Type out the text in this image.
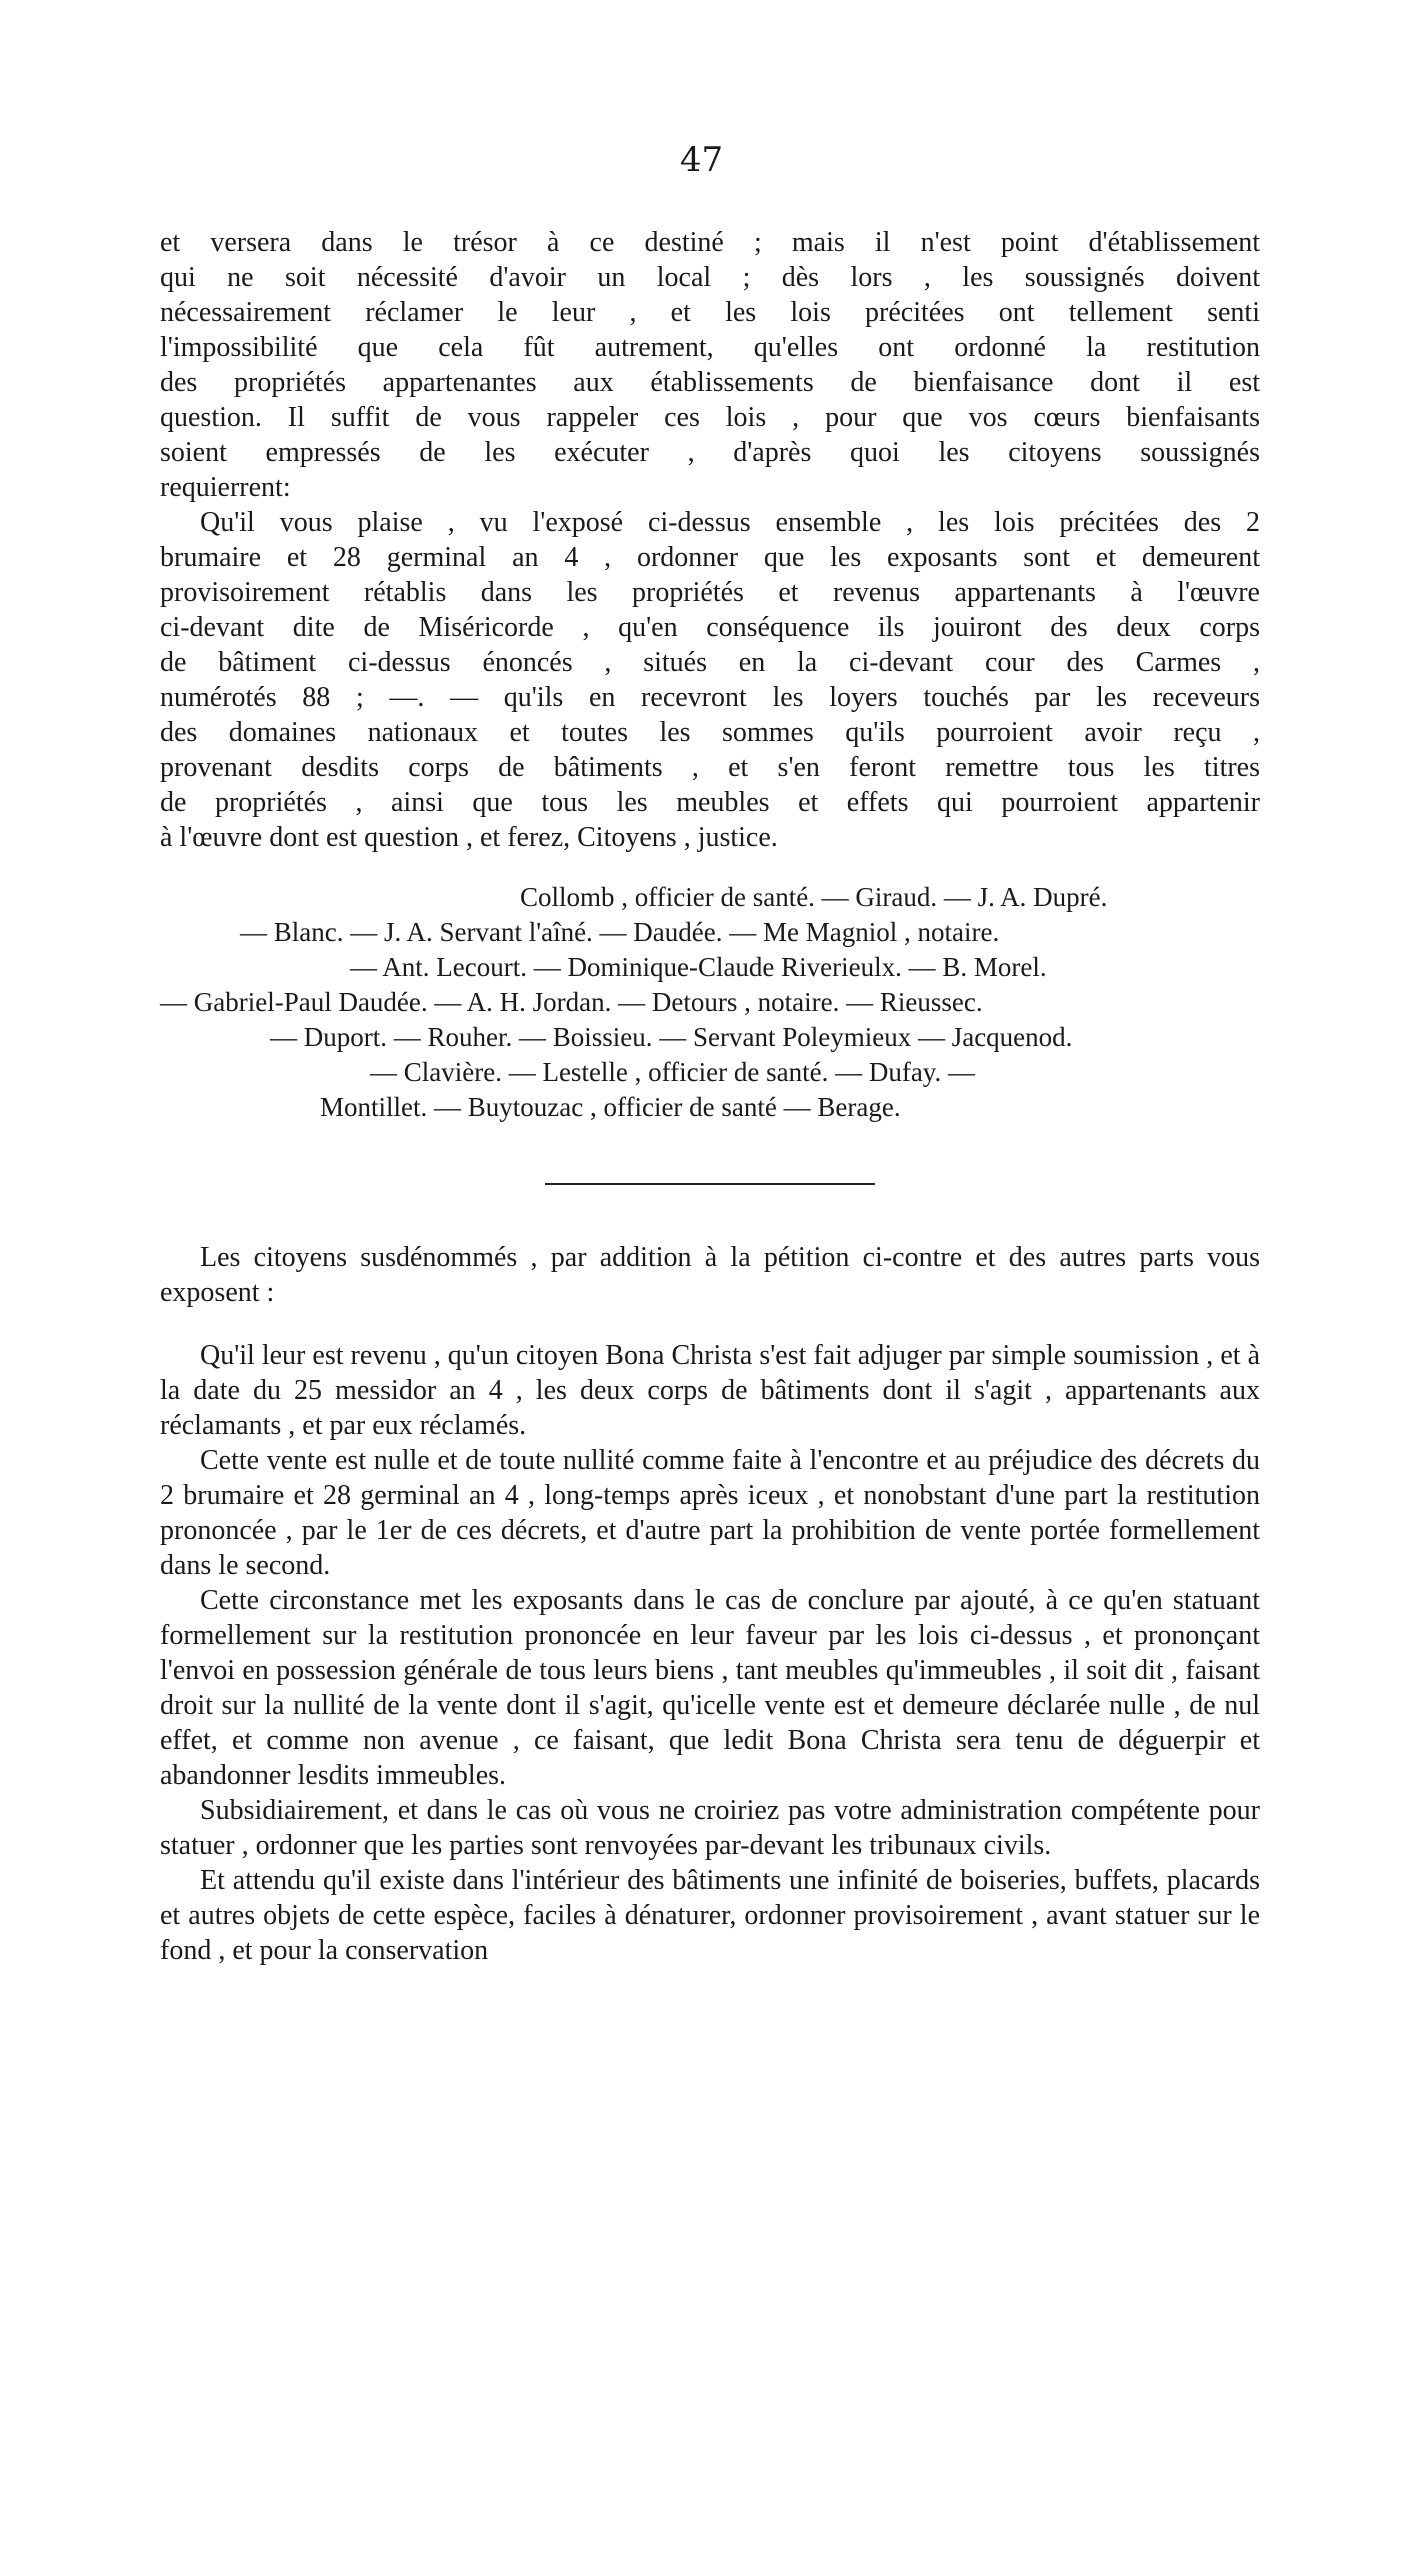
47
et versera dans le trésor à ce destiné ; mais il n'est point d'établissement
qui ne soit nécessité d'avoir un local ; dès lors , les soussignés doivent
nécessairement réclamer le leur , et les lois précitées ont tellement senti
l'impossibilité que cela fût autrement, qu'elles ont ordonné la restitution
des propriétés appartenantes aux établissements de bienfaisance dont il est
question. Il suffit de vous rappeler ces lois , pour que vos cœurs bienfaisants
soient empressés de les exécuter , d'après quoi les citoyens soussignés
requierrent:
Qu'il vous plaise , vu l'exposé ci-dessus ensemble , les lois précitées des 2
brumaire et 28 germinal an 4 , ordonner que les exposants sont et demeurent
provisoirement rétablis dans les propriétés et revenus appartenants à l'œuvre
ci-devant dite de Miséricorde , qu'en conséquence ils jouiront des deux corps
de bâtiment ci-dessus énoncés , situés en la ci-devant cour des Carmes ,
numérotés 88 ; —. — qu'ils en recevront les loyers touchés par les receveurs
des domaines nationaux et toutes les sommes qu'ils pourroient avoir reçu ,
provenant desdits corps de bâtiments , et s'en feront remettre tous les titres
de propriétés , ainsi que tous les meubles et effets qui pourroient appartenir
à l'œuvre dont est question , et ferez, Citoyens , justice.
Collomb , officier de santé. — Giraud. — J. A. Dupré.
— Blanc. — J. A. Servant l'aîné. — Daudée. — Me Magniol , notaire.
— Ant. Lecourt. — Dominique-Claude Riverieulx. — B. Morel.
— Gabriel-Paul Daudée. — A. H. Jordan. — Detours , notaire. — Rieussec.
— Duport. — Rouher. — Boissieu. — Servant Poleymieux — Jacquenod.
— Clavière. — Lestelle , officier de santé. — Dufay. —
Montillet. — Buytouzac , officier de santé — Berage.

Les citoyens susdénommés , par addition à la pétition ci-contre et des autres parts vous exposent :

Qu'il leur est revenu , qu'un citoyen Bona Christa s'est fait adjuger par simple soumission , et à la date du 25 messidor an 4 , les deux corps de bâtiments dont il s'agit , appartenants aux réclamants , et par eux réclamés.

Cette vente est nulle et de toute nullité comme faite à l'encontre et au préjudice des décrets du 2 brumaire et 28 germinal an 4 , long-temps après iceux , et nonobstant d'une part la restitution prononcée , par le 1er de ces décrets, et d'autre part la prohibition de vente portée formellement dans le second.

Cette circonstance met les exposants dans le cas de conclure par ajouté, à ce qu'en statuant formellement sur la restitution prononcée en leur faveur par les lois ci-dessus , et prononçant l'envoi en possession générale de tous leurs biens , tant meubles qu'immeubles , il soit dit , faisant droit sur la nullité de la vente dont il s'agit, qu'icelle vente est et demeure déclarée nulle , de nul effet, et comme non avenue , ce faisant, que ledit Bona Christa sera tenu de déguerpir et abandonner lesdits immeubles.

Subsidiairement, et dans le cas où vous ne croiriez pas votre administration compétente pour statuer , ordonner que les parties sont renvoyées par-devant les tribunaux civils.

Et attendu qu'il existe dans l'intérieur des bâtiments une infinité de boiseries, buffets, placards et autres objets de cette espèce, faciles à dénaturer, ordonner provisoirement , avant statuer sur le fond , et pour la conservation
